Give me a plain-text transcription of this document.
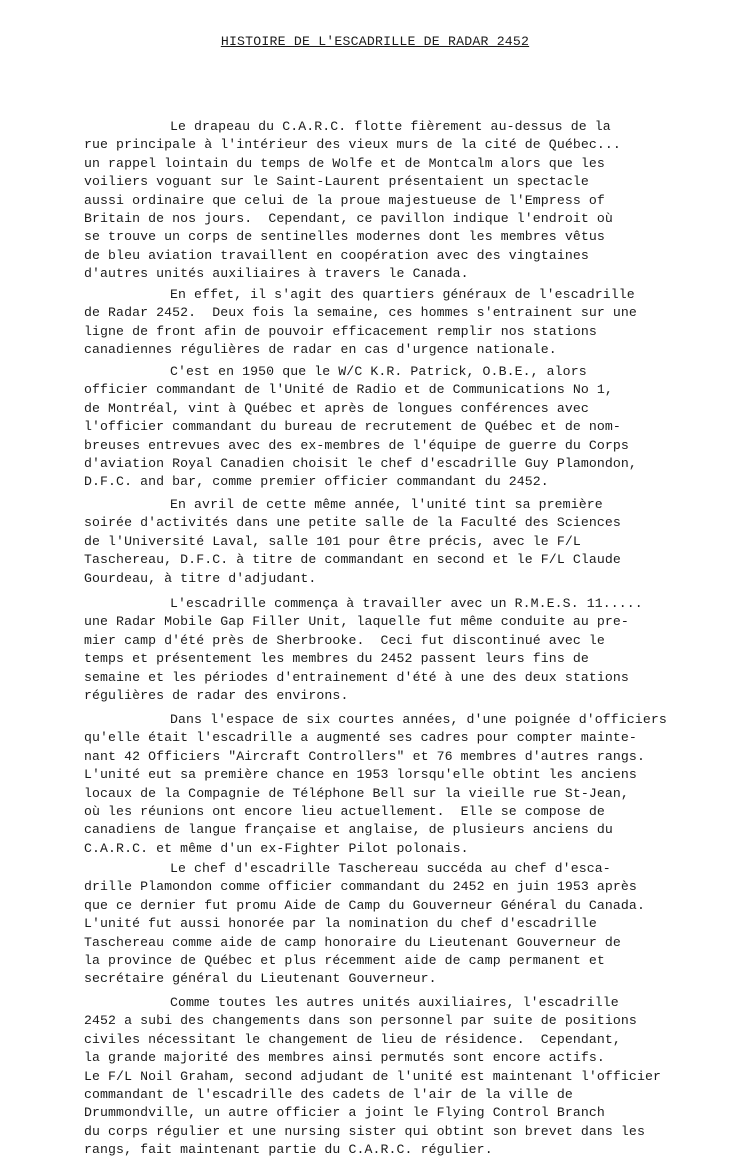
HISTOIRE DE L'ESCADRILLE DE RADAR 2452
Le drapeau du C.A.R.C. flotte fièrement au-dessus de la
rue principale à l'intérieur des vieux murs de la cité de Québec...
un rappel lointain du temps de Wolfe et de Montcalm alors que les
voiliers voguant sur le Saint-Laurent présentaient un spectacle
aussi ordinaire que celui de la proue majestueuse de l'Empress of
Britain de nos jours.  Cependant, ce pavillon indique l'endroit où
se trouve un corps de sentinelles modernes dont les membres vêtus
de bleu aviation travaillent en coopération avec des vingtaines
d'autres unités auxiliaires à travers le Canada.
En effet, il s'agit des quartiers généraux de l'escadrille
de Radar 2452.  Deux fois la semaine, ces hommes s'entrainent sur une
ligne de front afin de pouvoir efficacement remplir nos stations
canadiennes régulières de radar en cas d'urgence nationale.
C'est en 1950 que le W/C K.R. Patrick, O.B.E., alors
officier commandant de l'Unité de Radio et de Communications No 1,
de Montréal, vint à Québec et après de longues conférences avec
l'officier commandant du bureau de recrutement de Québec et de nom-
breuses entrevues avec des ex-membres de l'équipe de guerre du Corps
d'aviation Royal Canadien choisit le chef d'escadrille Guy Plamondon,
D.F.C. and bar, comme premier officier commandant du 2452.
En avril de cette même année, l'unité tint sa première
soirée d'activités dans une petite salle de la Faculté des Sciences
de l'Université Laval, salle 101 pour être précis, avec le F/L
Taschereau, D.F.C. à titre de commandant en second et le F/L Claude
Gourdeau, à titre d'adjudant.
L'escadrille commença à travailler avec un R.M.E.S. 11.....
une Radar Mobile Gap Filler Unit, laquelle fut même conduite au pre-
mier camp d'été près de Sherbrooke.  Ceci fut discontinué avec le
temps et présentement les membres du 2452 passent leurs fins de
semaine et les périodes d'entrainement d'été à une des deux stations
régulières de radar des environs.
Dans l'espace de six courtes années, d'une poignée d'officiers
qu'elle était l'escadrille a augmenté ses cadres pour compter mainte-
nant 42 Officiers "Aircraft Controllers" et 76 membres d'autres rangs.
L'unité eut sa première chance en 1953 lorsqu'elle obtint les anciens
locaux de la Compagnie de Téléphone Bell sur la vieille rue St-Jean,
où les réunions ont encore lieu actuellement.  Elle se compose de
canadiens de langue française et anglaise, de plusieurs anciens du
C.A.R.C. et même d'un ex-Fighter Pilot polonais.
Le chef d'escadrille Taschereau succéda au chef d'esca-
drille Plamondon comme officier commandant du 2452 en juin 1953 après
que ce dernier fut promu Aide de Camp du Gouverneur Général du Canada.
L'unité fut aussi honorée par la nomination du chef d'escadrille
Taschereau comme aide de camp honoraire du Lieutenant Gouverneur de
la province de Québec et plus récemment aide de camp permanent et
secrétaire général du Lieutenant Gouverneur.
Comme toutes les autres unités auxiliaires, l'escadrille
2452 a subi des changements dans son personnel par suite de positions
civiles nécessitant le changement de lieu de résidence.  Cependant,
la grande majorité des membres ainsi permutés sont encore actifs.
Le F/L Noil Graham, second adjudant de l'unité est maintenant l'officier
commandant de l'escadrille des cadets de l'air de la ville de
Drummondville, un autre officier a joint le Flying Control Branch
du corps régulier et une nursing sister qui obtint son brevet dans les
rangs, fait maintenant partie du C.A.R.C. régulier.
